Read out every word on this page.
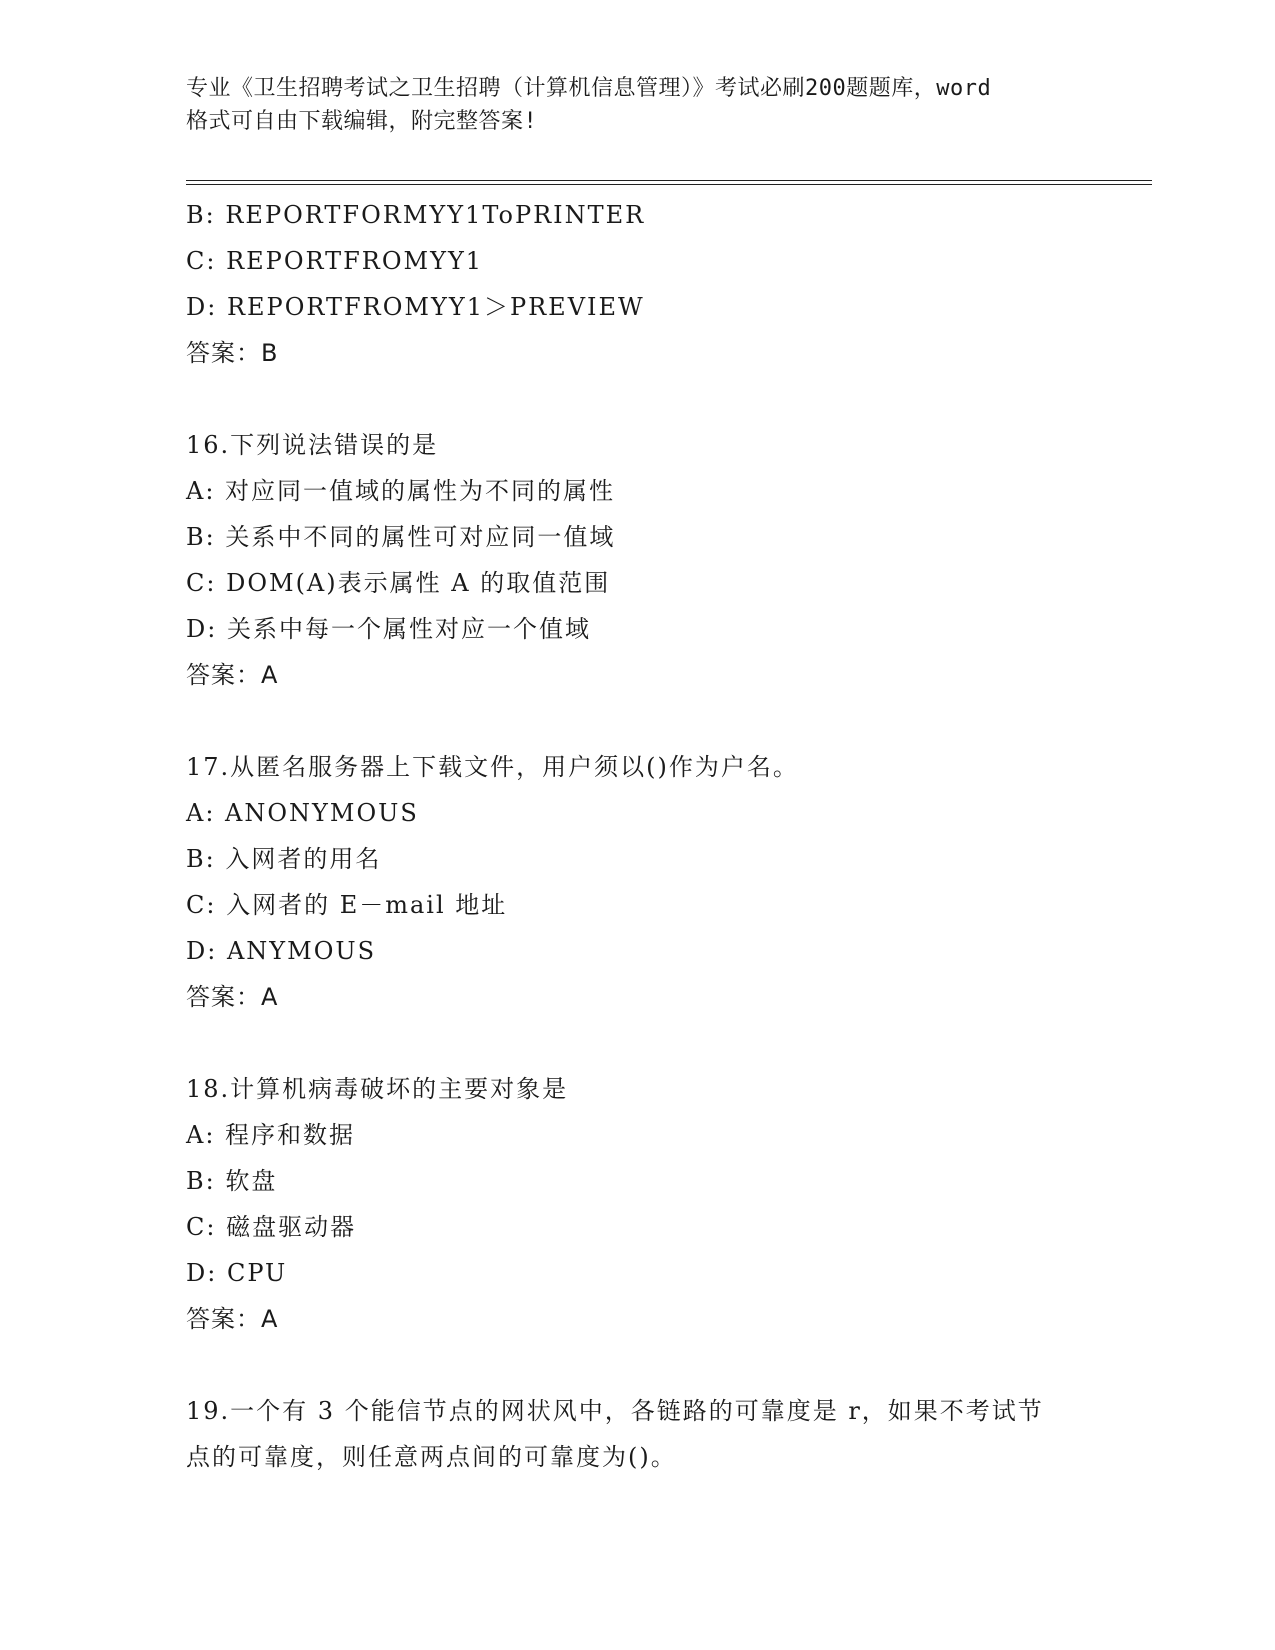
专业《卫生招聘考试之卫生招聘（计算机信息管理）》考试必刷200题题库，word
格式可自由下载编辑，附完整答案!
B: REPORTFORMYY1ToPRINTER
C: REPORTFROMYY1
D: REPORTFROMYY1＞PREVIEW
答案：B
16.下列说法错误的是
A: 对应同一值域的属性为不同的属性
B: 关系中不同的属性可对应同一值域
C: DOM(A)表示属性 A 的取值范围
D: 关系中每一个属性对应一个值域
答案：A
17.从匿名服务器上下载文件，用户须以()作为户名。
A: ANONYMOUS
B: 入网者的用名
C: 入网者的 E－mail 地址
D: ANYMOUS
答案：A
18.计算机病毒破坏的主要对象是
A: 程序和数据
B: 软盘
C: 磁盘驱动器
D: CPU
答案：A
19.一个有 3 个能信节点的网状风中，各链路的可靠度是 r，如果不考试节点的可靠度，则任意两点间的可靠度为()。
